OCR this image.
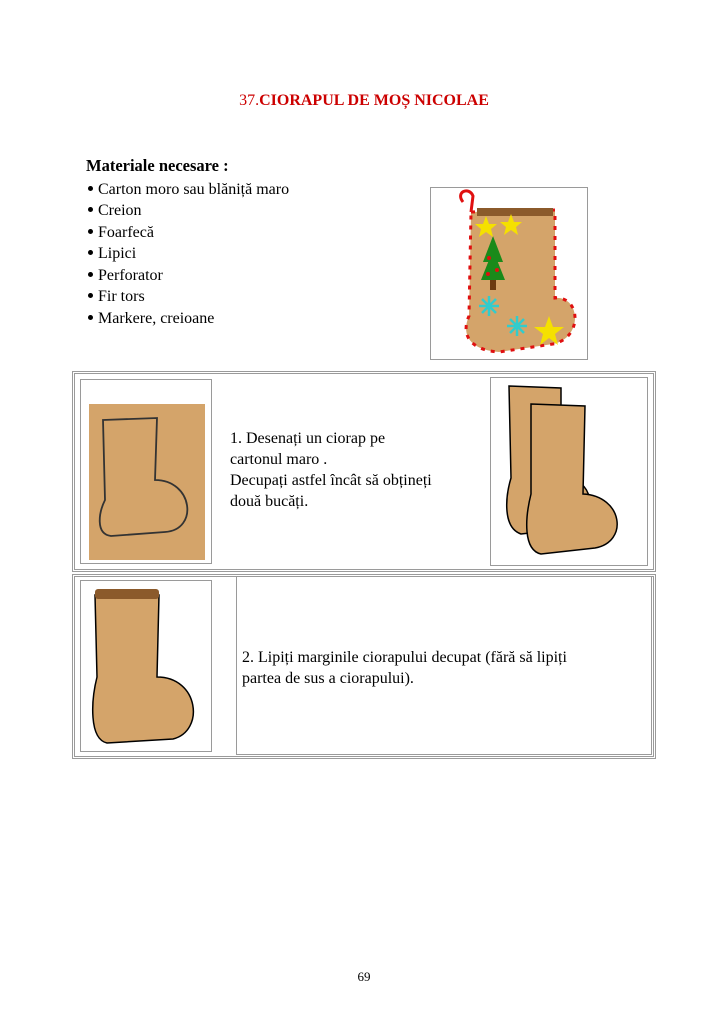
37.CIORAPUL DE MOȘ NICOLAE
Materiale necesare :
Carton moro sau blăniță maro
Creion
Foarfecă
Lipici
Perforator
Fir tors
Markere, creioane
1. Desenați un ciorap pe
cartonul maro .
Decupați astfel încât să obțineți
două bucăți.
2. Lipiți marginile ciorapului decupat (fără să lipiți
partea de sus a ciorapului).
69
